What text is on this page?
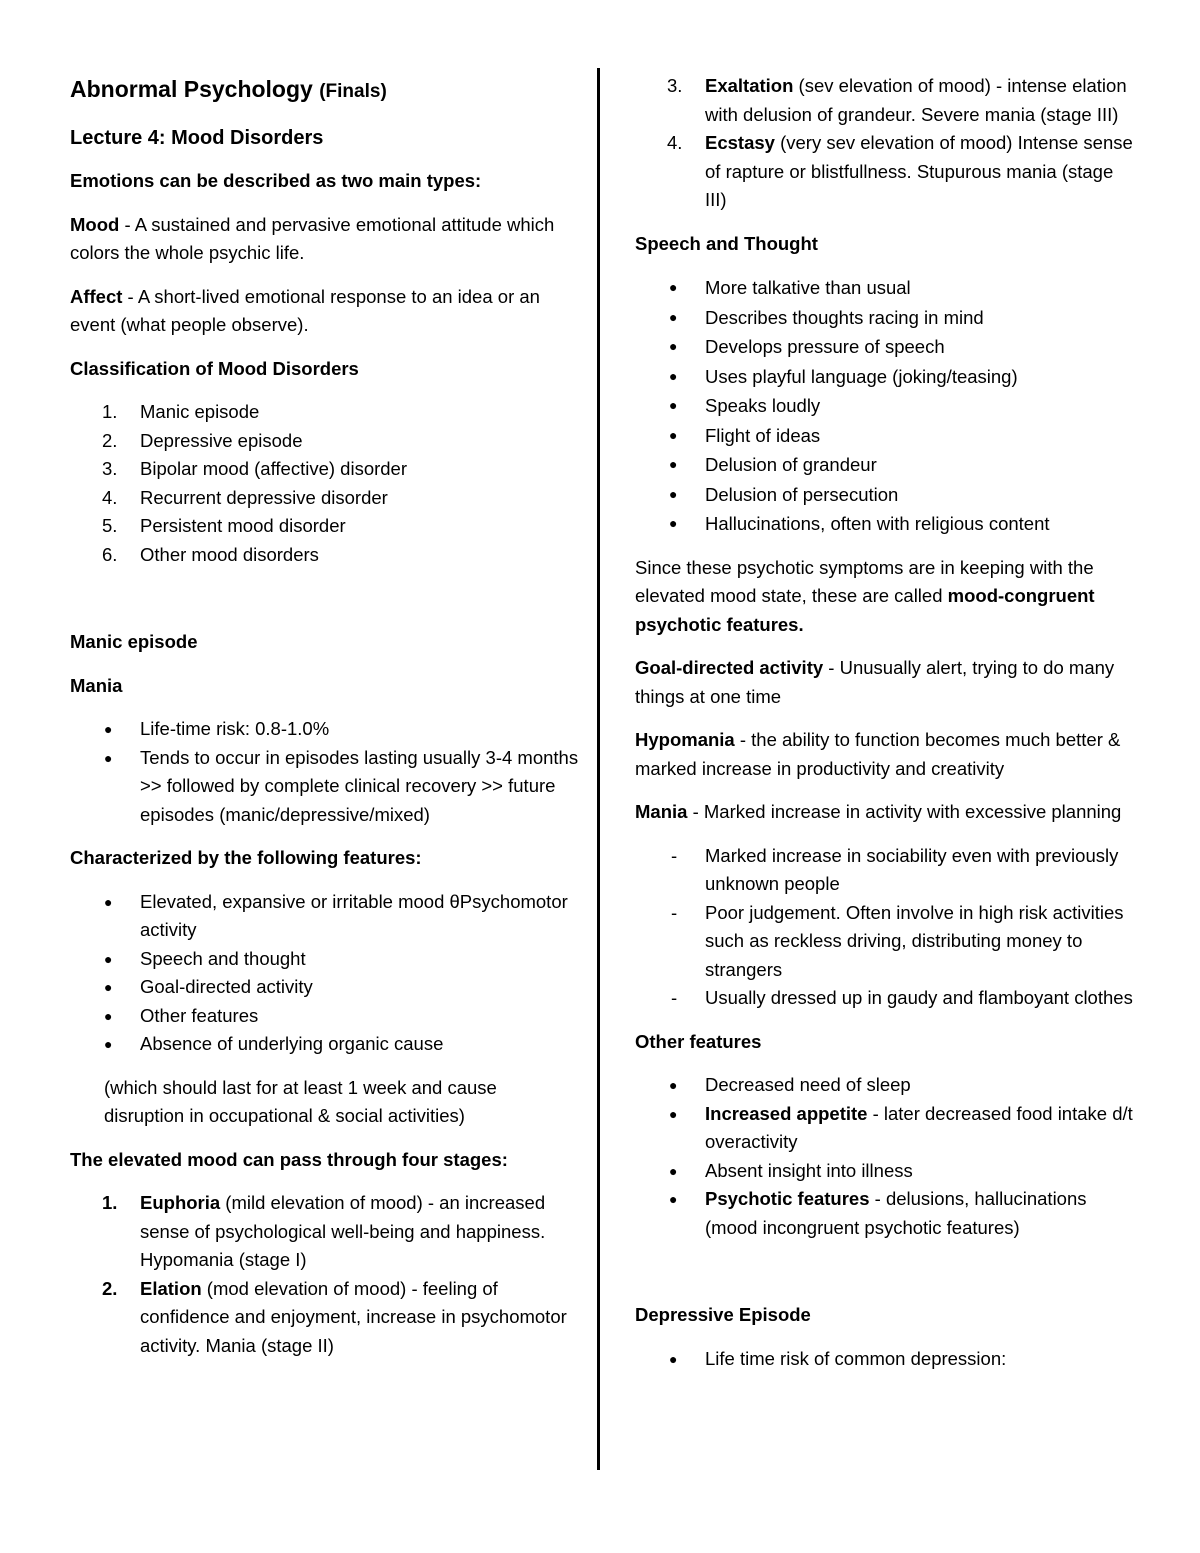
Abnormal Psychology (Finals)
Lecture 4: Mood Disorders

Emotions can be described as two main types:

Mood - A sustained and pervasive emotional attitude which colors the whole psychic life.

Affect - A short-lived emotional response to an idea or an event (what people observe).

Classification of Mood Disorders

1.	Manic episode
2.	Depressive episode
3.	Bipolar mood (affective) disorder
4.	Recurrent depressive disorder
5.	Persistent mood disorder
6.	Other mood disorders

Manic episode

Mania

●	Life-time risk: 0.8-1.0%
●	Tends to occur in episodes lasting usually 3-4 months >> followed by complete clinical recovery >> future episodes (manic/depressive/mixed)

Characterized by the following features:

●	Elevated, expansive or irritable mood θPsychomotor activity
●	Speech and thought
●	Goal-directed activity
●	Other features
●	Absence of underlying organic cause

(which should last for at least 1 week and cause disruption in occupational & social activities)

The elevated mood can pass through four stages:

1.	Euphoria (mild elevation of mood) - an increased sense of psychological well-being and happiness. Hypomania (stage I)
2.	Elation (mod elevation of mood) - feeling of confidence and enjoyment, increase in psychomotor activity. Mania (stage II)
3.	Exaltation (sev elevation of mood) - intense elation with delusion of grandeur. Severe mania (stage III)
4.	Ecstasy (very sev elevation of mood) Intense sense of rapture or blistfullness. Stupurous mania (stage III)

Speech and Thought

●	More talkative than usual
●	Describes thoughts racing in mind
●	Develops pressure of speech
●	Uses playful language (joking/teasing)
●	Speaks loudly
●	Flight of ideas
●	Delusion of grandeur
●	Delusion of persecution
●	Hallucinations, often with religious content

Since these psychotic symptoms are in keeping with the elevated mood state, these are called mood-congruent psychotic features.

Goal-directed activity - Unusually alert, trying to do many things at one time

Hypomania - the ability to function becomes much better & marked increase in productivity and creativity

Mania - Marked increase in activity with excessive planning

-	Marked increase in sociability even with previously unknown people
-	Poor judgement. Often involve in high risk activities such as reckless driving, distributing money to strangers
-	Usually dressed up in gaudy and flamboyant clothes

Other features

●	Decreased need of sleep
●	Increased appetite - later decreased food intake d/t overactivity
●	Absent insight into illness
●	Psychotic features - delusions, hallucinations (mood incongruent psychotic features)

Depressive Episode

●	Life time risk of common depression:
